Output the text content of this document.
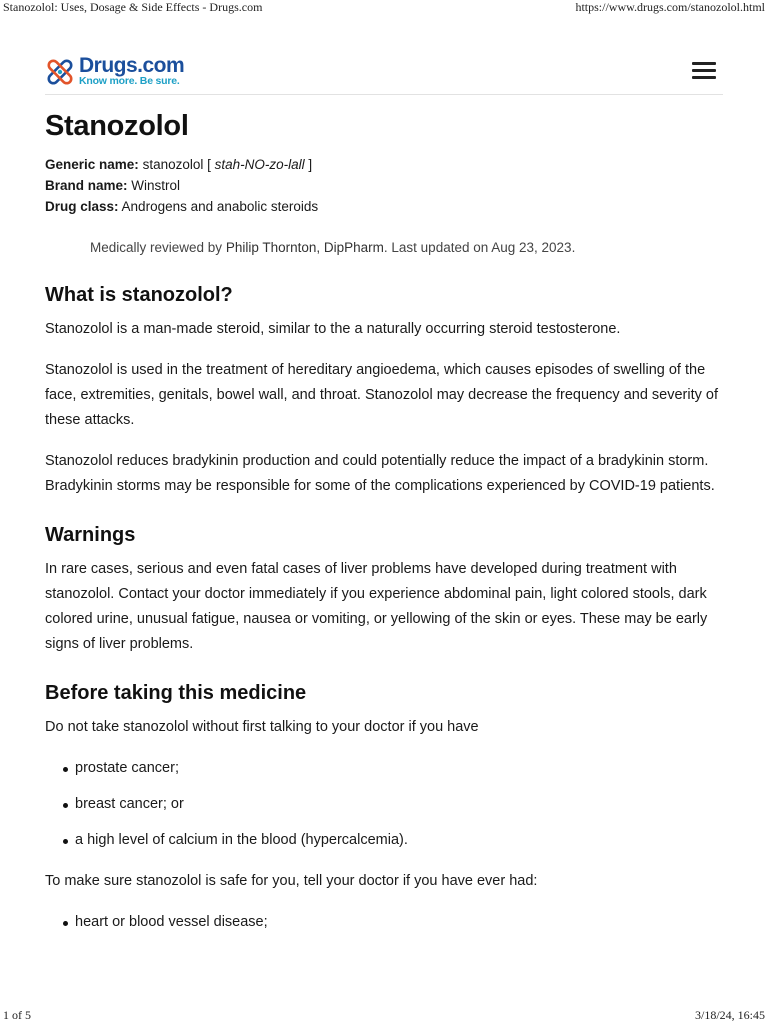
Stanozolol: Uses, Dosage & Side Effects - Drugs.com	https://www.drugs.com/stanozolol.html
Drugs.com
Know more. Be sure.
Stanozolol
Generic name: stanozolol [ stah-NO-zo-lall ]
Brand name: Winstrol
Drug class: Androgens and anabolic steroids
Medically reviewed by Philip Thornton, DipPharm. Last updated on Aug 23, 2023.
What is stanozolol?

Stanozolol is a man-made steroid, similar to the a naturally occurring steroid testosterone.

Stanozolol is used in the treatment of hereditary angioedema, which causes episodes of swelling of the face, extremities, genitals, bowel wall, and throat. Stanozolol may decrease the frequency and severity of these attacks.

Stanozolol reduces bradykinin production and could potentially reduce the impact of a bradykinin storm. Bradykinin storms may be responsible for some of the complications experienced by COVID-19 patients.

Warnings

In rare cases, serious and even fatal cases of liver problems have developed during treatment with stanozolol. Contact your doctor immediately if you experience abdominal pain, light colored stools, dark colored urine, unusual fatigue, nausea or vomiting, or yellowing of the skin or eyes. These may be early signs of liver problems.

Before taking this medicine

Do not take stanozolol without first talking to your doctor if you have

prostate cancer;
breast cancer; or
a high level of calcium in the blood (hypercalcemia).

To make sure stanozolol is safe for you, tell your doctor if you have ever had:

heart or blood vessel disease;
1 of 5	3/18/24, 16:45
